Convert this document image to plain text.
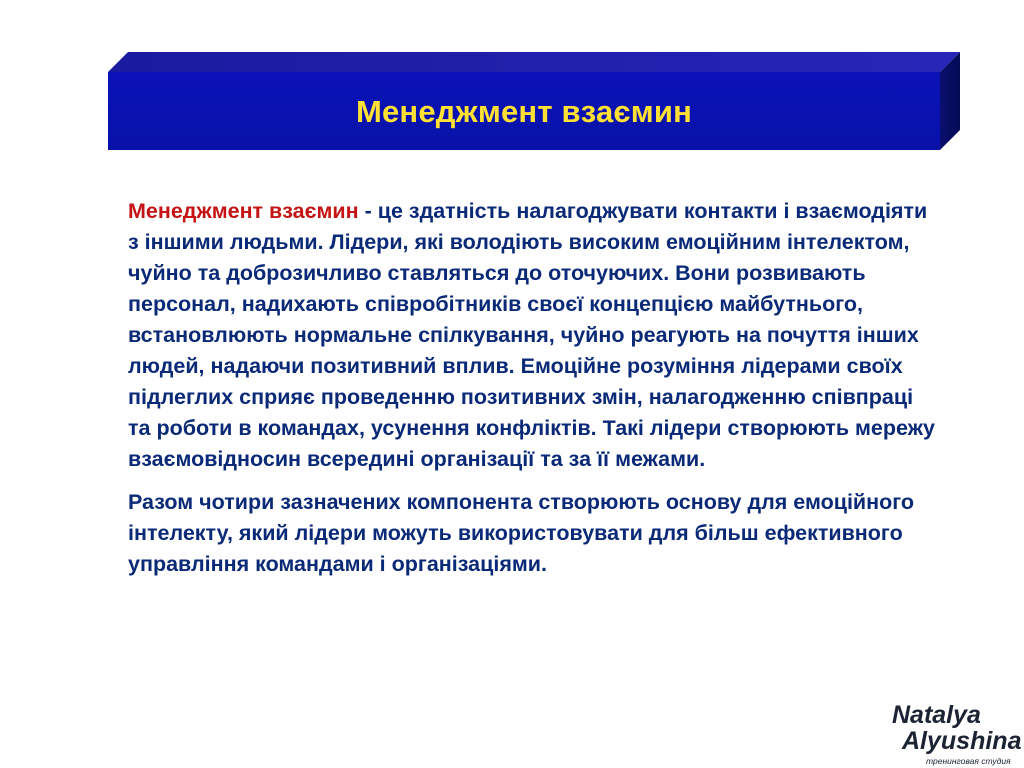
Менеджмент взаємин

Менеджмент взаємин - це здатність налагоджувати контакти і взаємодіяти з іншими людьми. Лідери, які володіють високим емоційним інтелектом, чуйно та доброзичливо ставляться до оточуючих. Вони розвивають персонал, надихають співробітників своєї концепцією майбутнього, встановлюють нормальне спілкування, чуйно реагують на почуття інших людей, надаючи позитивний вплив. Емоційне розуміння лідерами своїх підлеглих сприяє проведенню позитивних змін, налагодженню співпраці та роботи в командах, усунення конфліктів. Такі лідери створюють мережу взаємовідносин всередині організації та за її межами.

Разом чотири зазначених компонента створюють основу для емоційного інтелекту, який лідери можуть використовувати для більш ефективного управління командами і організаціями.

Natalya
Alyushina
тренинговая студия
